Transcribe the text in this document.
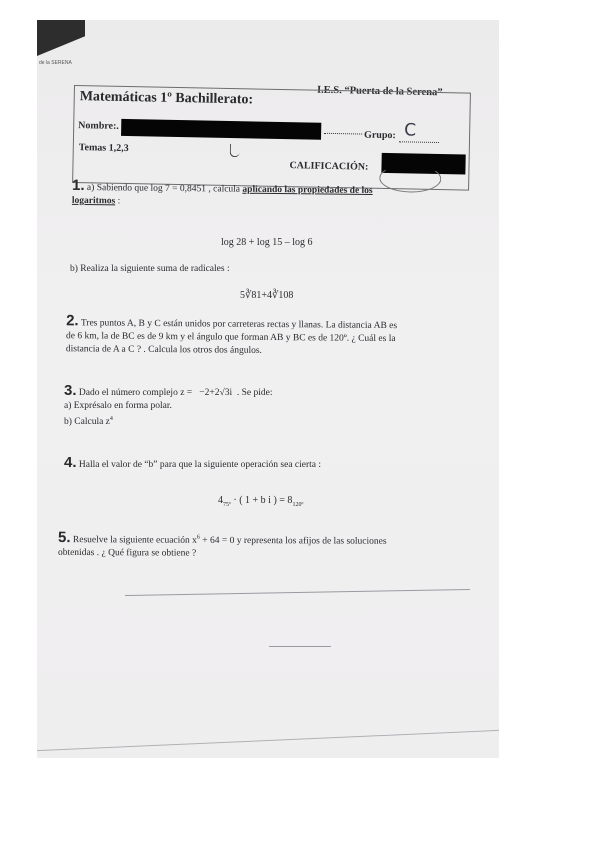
de la SERENA
I.E.S. “Puerta de la Serena”
Matemáticas 1º Bachillerato:
Nombre:.
Grupo: C
Temas 1,2,3
CALIFICACIÓN:
1. a) Sabiendo que log 7 = 0,8451 , calcula aplicando las propiedades de los
logaritmos :
log 28 + log 15 – log 6
b) Realiza la siguiente suma de radicales :
5∛81+4∛108
2. Tres puntos A, B y C están unidos por carreteras rectas y llanas. La distancia AB es
de 6 km, la de BC es de 9 km y el ángulo que forman AB y BC es de 120º. ¿ Cuál es la
distancia de A a C ? . Calcula los otros dos ángulos.
3. Dado el número complejo z = −2+2√3i . Se pide:
a) Exprésalo en forma polar.
b) Calcula $z^4$
4. Halla el valor de “b” para que la siguiente operación sea cierta :
$4_{75º}$ · ( 1 + b i ) = $8_{120º}$
5. Resuelve la siguiente ecuación $x^6 + 64 = 0$ y representa los afijos de las soluciones
obtenidas . ¿ Qué figura se obtiene ?
